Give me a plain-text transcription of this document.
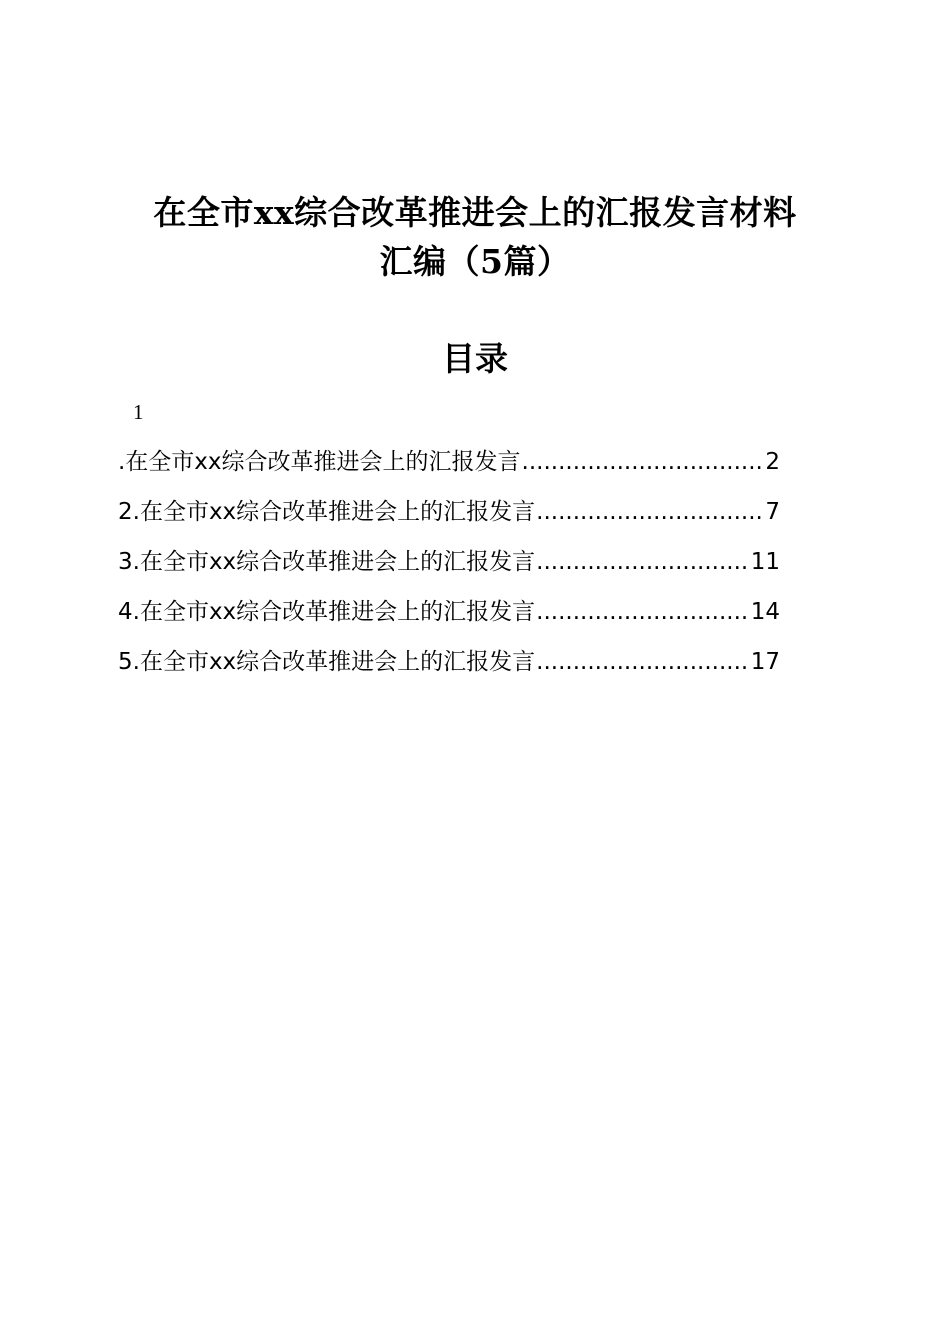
在全市xx综合改革推进会上的汇报发言材料
汇编（5篇）
目录
1
.在全市xx综合改革推进会上的汇报发言 .....	2
2.在全市xx综合改革推进会上的汇报发言 .....	7
3.在全市xx综合改革推进会上的汇报发言 .....	11
4.在全市xx综合改革推进会上的汇报发言 .....	14
5.在全市xx综合改革推进会上的汇报发言 .....	17
